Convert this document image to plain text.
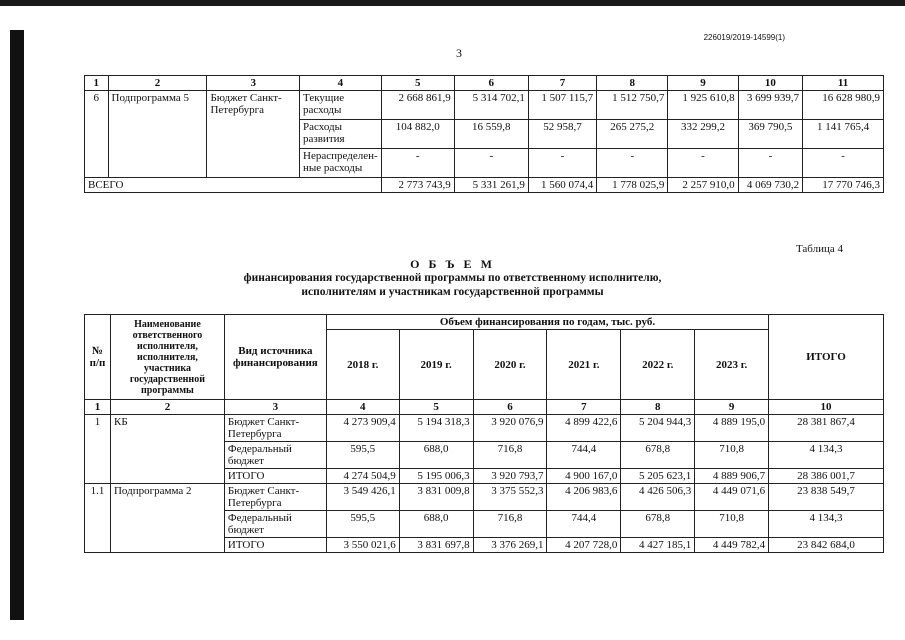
226019/2019-14599(1)
3
1	2	3	4	5	6	7	8	9	10	11
6	Подпрограмма 5	Бюджет Санкт-Петербурга	Текущие расходы	2 668 861,9	5 314 702,1	1 507 115,7	1 512 750,7	1 925 610,8	3 699 939,7	16 628 980,9
			Расходы развития	104 882,0	16 559,8	52 958,7	265 275,2	332 299,2	369 790,5	1 141 765,4
			Нераспределен-ные расходы	-	-	-	-	-	-	-
ВСЕГО				2 773 743,9	5 331 261,9	1 560 074,4	1 778 025,9	2 257 910,0	4 069 730,2	17 770 746,3
Таблица 4
О Б Ъ Е М
финансирования государственной программы по ответственному исполнителю,
исполнителям и участникам государственной программы
№ п/п	Наименование ответственного исполнителя, исполнителя, участника государственной программы	Вид источника финансирования	Объем финансирования по годам, тыс. руб.						ИТОГО
			2018 г.	2019 г.	2020 г.	2021 г.	2022 г.	2023 г.	
1	2	3	4	5	6	7	8	9	10
1	КБ	Бюджет Санкт-Петербурга	4 273 909,4	5 194 318,3	3 920 076,9	4 899 422,6	5 204 944,3	4 889 195,0	28 381 867,4
		Федеральный бюджет	595,5	688,0	716,8	744,4	678,8	710,8	4 134,3
		ИТОГО	4 274 504,9	5 195 006,3	3 920 793,7	4 900 167,0	5 205 623,1	4 889 906,7	28 386 001,7
1.1	Подпрограмма 2	Бюджет Санкт-Петербурга	3 549 426,1	3 831 009,8	3 375 552,3	4 206 983,6	4 426 506,3	4 449 071,6	23 838 549,7
		Федеральный бюджет	595,5	688,0	716,8	744,4	678,8	710,8	4 134,3
		ИТОГО	3 550 021,6	3 831 697,8	3 376 269,1	4 207 728,0	4 427 185,1	4 449 782,4	23 842 684,0
